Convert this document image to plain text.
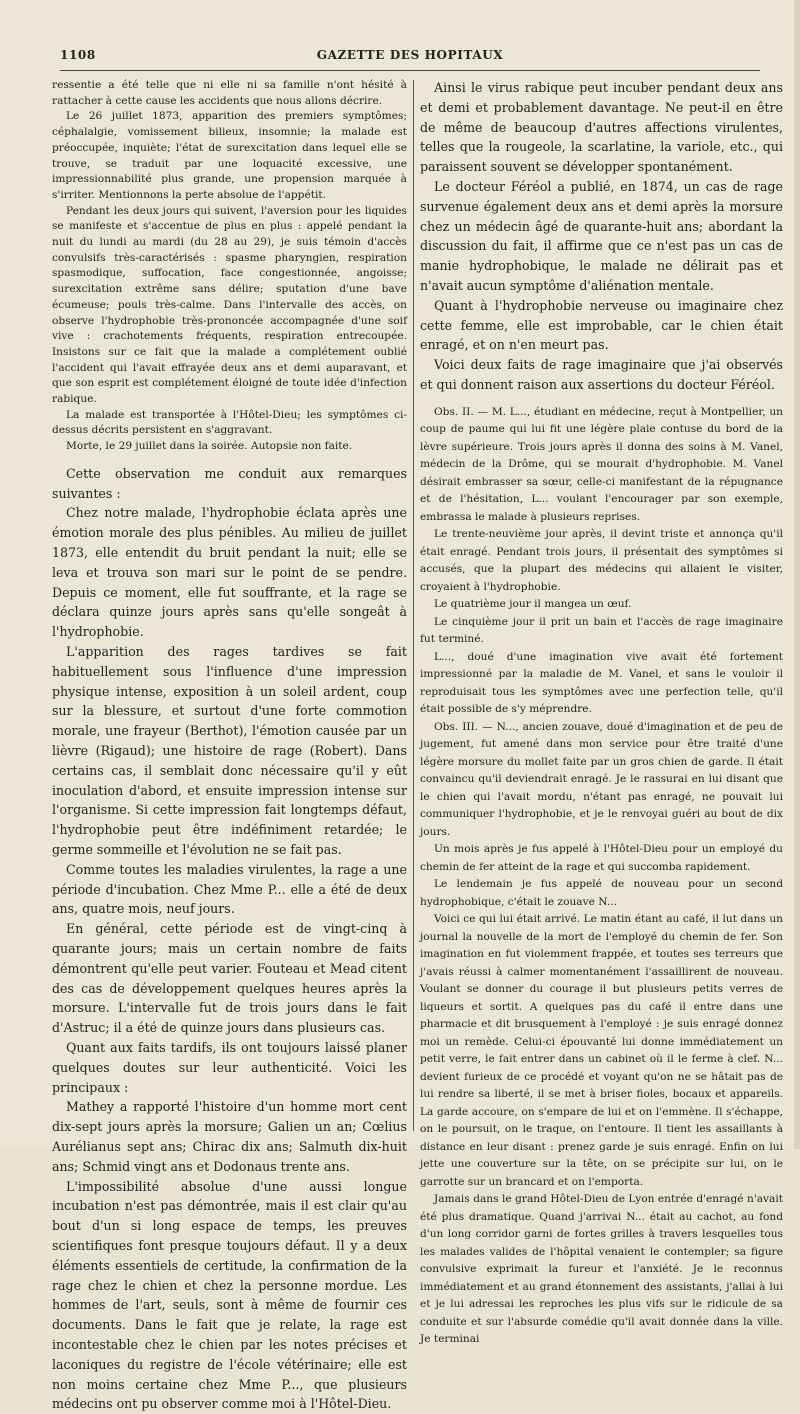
1108	GAZETTE DES HOPITAUX

ressentie a été telle que ni elle ni sa famille n'ont hésité à rattacher à cette cause les accidents que nous allons décrire.

Le 26 juillet 1873, apparition des premiers symptômes; céphalalgie, vomissement bilieux, insomnie; la malade est préoccupée, inquiète; l'état de surexcitation dans lequel elle se trouve, se traduit par une loquacité excessive, une impressionnabilité plus grande, une propension marquée à s'irriter. Mentionnons la perte absolue de l'appétit.

Pendant les deux jours qui suivent, l'aversion pour les liquides se manifeste et s'accentue de plus en plus : appelé pendant la nuit du lundi au mardi (du 28 au 29), je suis témoin d'accès convulsifs très-caractérisés : spasme pharyngien, respiration spasmodique, suffocation, face congestionnée, angoisse; surexcitation extrême sans délire; sputation d'une bave écumeuse; pouls très-calme. Dans l'intervalle des accès, on observe l'hydrophobie très-prononcée accompagnée d'une soif vive : crachotements fréquents, respiration entrecoupée. Insistons sur ce fait que la malade a complétement oublié l'accident qui l'avait effrayée deux ans et demi auparavant, et que son esprit est complétement éloigné de toute idée d'infection rabique.

La malade est transportée à l'Hôtel-Dieu; les symptômes ci-dessus décrits persistent en s'aggravant.

Morte, le 29 juillet dans la soirée. Autopsie non faite.

Cette observation me conduit aux remarques suivantes :

Chez notre malade, l'hydrophobie éclata après une émotion morale des plus pénibles. Au milieu de juillet 1873, elle entendit du bruit pendant la nuit; elle se leva et trouva son mari sur le point de se pendre. Depuis ce moment, elle fut souffrante, et la rage se déclara quinze jours après sans qu'elle songeât à l'hydrophobie.

L'apparition des rages tardives se fait habituellement sous l'influence d'une impression physique intense, exposition à un soleil ardent, coup sur la blessure, et surtout d'une forte commotion morale, une frayeur (Berthot), l'émotion causée par un lièvre (Rigaud); une histoire de rage (Robert). Dans certains cas, il semblait donc nécessaire qu'il y eût inoculation d'abord, et ensuite impression intense sur l'organisme. Si cette impression fait longtemps défaut, l'hydrophobie peut être indéfiniment retardée; le germe sommeille et l'évolution ne se fait pas.

Comme toutes les maladies virulentes, la rage a une période d'incubation. Chez Mme P... elle a été de deux ans, quatre mois, neuf jours.

En général, cette période est de vingt-cinq à quarante jours; mais un certain nombre de faits démontrent qu'elle peut varier. Fouteau et Mead citent des cas de développement quelques heures après la morsure. L'intervalle fut de trois jours dans le fait d'Astruc; il a été de quinze jours dans plusieurs cas.

Quant aux faits tardifs, ils ont toujours laissé planer quelques doutes sur leur authenticité. Voici les principaux :

Mathey a rapporté l'histoire d'un homme mort cent dix-sept jours après la morsure; Galien un an; Cœlius Aurélianus sept ans; Chirac dix ans; Salmuth dix-huit ans; Schmid vingt ans et Dodonaus trente ans.

L'impossibilité absolue d'une aussi longue incubation n'est pas démontrée, mais il est clair qu'au bout d'un si long espace de temps, les preuves scientifiques font presque toujours défaut. Il y a deux éléments essentiels de certitude, la confirmation de la rage chez le chien et chez la personne mordue. Les hommes de l'art, seuls, sont à même de fournir ces documents. Dans le fait que je relate, la rage est incontestable chez le chien par les notes précises et laconiques du registre de l'école vétérinaire; elle est non moins certaine chez Mme P..., que plusieurs médecins ont pu observer comme moi à l'Hôtel-Dieu.

Ainsi le virus rabique peut incuber pendant deux ans et demi et probablement davantage. Ne peut-il en être de même de beaucoup d'autres affections virulentes, telles que la rougeole, la scarlatine, la variole, etc., qui paraissent souvent se développer spontanément.

Le docteur Féréol a publié, en 1874, un cas de rage survenue également deux ans et demi après la morsure chez un médecin âgé de quarante-huit ans; abordant la discussion du fait, il affirme que ce n'est pas un cas de manie hydrophobique, le malade ne délirait pas et n'avait aucun symptôme d'aliénation mentale.

Quant à l'hydrophobie nerveuse ou imaginaire chez cette femme, elle est improbable, car le chien était enragé, et on n'en meurt pas.

Voici deux faits de rage imaginaire que j'ai observés et qui donnent raison aux assertions du docteur Féréol.

Obs. II. — M. L..., étudiant en médecine, reçut à Montpellier, un coup de paume qui lui fit une légère plaie contuse du bord de la lèvre supérieure. Trois jours après il donna des soins à M. Vanel, médecin de la Drôme, qui se mourait d'hydrophobie. M. Vanel désirait embrasser sa sœur, celle-ci manifestant de la répugnance et de l'hésitation, L... voulant l'encourager par son exemple, embrassa le malade à plusieurs reprises.

Le trente-neuvième jour après, il devint triste et annonça qu'il était enragé. Pendant trois jours, il présentait des symptômes si accusés, que la plupart des médecins qui allaient le visiter, croyaient à l'hydrophobie.

Le quatrième jour il mangea un œuf.

Le cinquième jour il prit un bain et l'accès de rage imaginaire fut terminé.

L..., doué d'une imagination vive avait été fortement impressionné par la maladie de M. Vanel, et sans le vouloir il reproduisait tous les symptômes avec une perfection telle, qu'il était possible de s'y méprendre.

Obs. III. — N..., ancien zouave, doué d'imagination et de peu de jugement, fut amené dans mon service pour être traité d'une légère morsure du mollet faite par un gros chien de garde. Il était convaincu qu'il deviendrait enragé. Je le rassurai en lui disant que le chien qui l'avait mordu, n'étant pas enragé, ne pouvait lui communiquer l'hydrophobie, et je le renvoyai guéri au bout de dix jours.

Un mois après je fus appelé à l'Hôtel-Dieu pour un employé du chemin de fer atteint de la rage et qui succomba rapidement.

Le lendemain je fus appelé de nouveau pour un second hydrophobique, c'était le zouave N...

Voici ce qui lui était arrivé. Le matin étant au café, il lut dans un journal la nouvelle de la mort de l'employé du chemin de fer. Son imagination en fut violemment frappée, et toutes ses terreurs que j'avais réussi à calmer momentanément l'assaillirent de nouveau. Voulant se donner du courage il but plusieurs petits verres de liqueurs et sortit. A quelques pas du café il entre dans une pharmacie et dit brusquement à l'employé : je suis enragé donnez moi un remède. Celui-ci épouvanté lui donne immédiatement un petit verre, le fait entrer dans un cabinet où il le ferme à clef. N... devient furieux de ce procédé et voyant qu'on ne se hâtait pas de lui rendre sa liberté, il se met à briser fioles, bocaux et appareils. La garde accoure, on s'empare de lui et on l'emmène. Il s'échappe, on le poursuit, on le traque, on l'entoure. Il tient les assaillants à distance en leur disant : prenez garde je suis enragé. Enfin on lui jette une couverture sur la tête, on se précipite sur lui, on le garrotte sur un brancard et on l'emporta.

Jamais dans le grand Hôtel-Dieu de Lyon entrée d'enragé n'avait été plus dramatique. Quand j'arrivai N... était au cachot, au fond d'un long corridor garni de fortes grilles à travers lesquelles tous les malades valides de l'hôpital venaient le contempler; sa figure convulsive exprimait la fureur et l'anxiété. Je le reconnus immédiatement et au grand étonnement des assistants, j'allai à lui et je lui adressai les reproches les plus vifs sur le ridicule de sa conduite et sur l'absurde comédie qu'il avait donnée dans la ville. Je terminai
